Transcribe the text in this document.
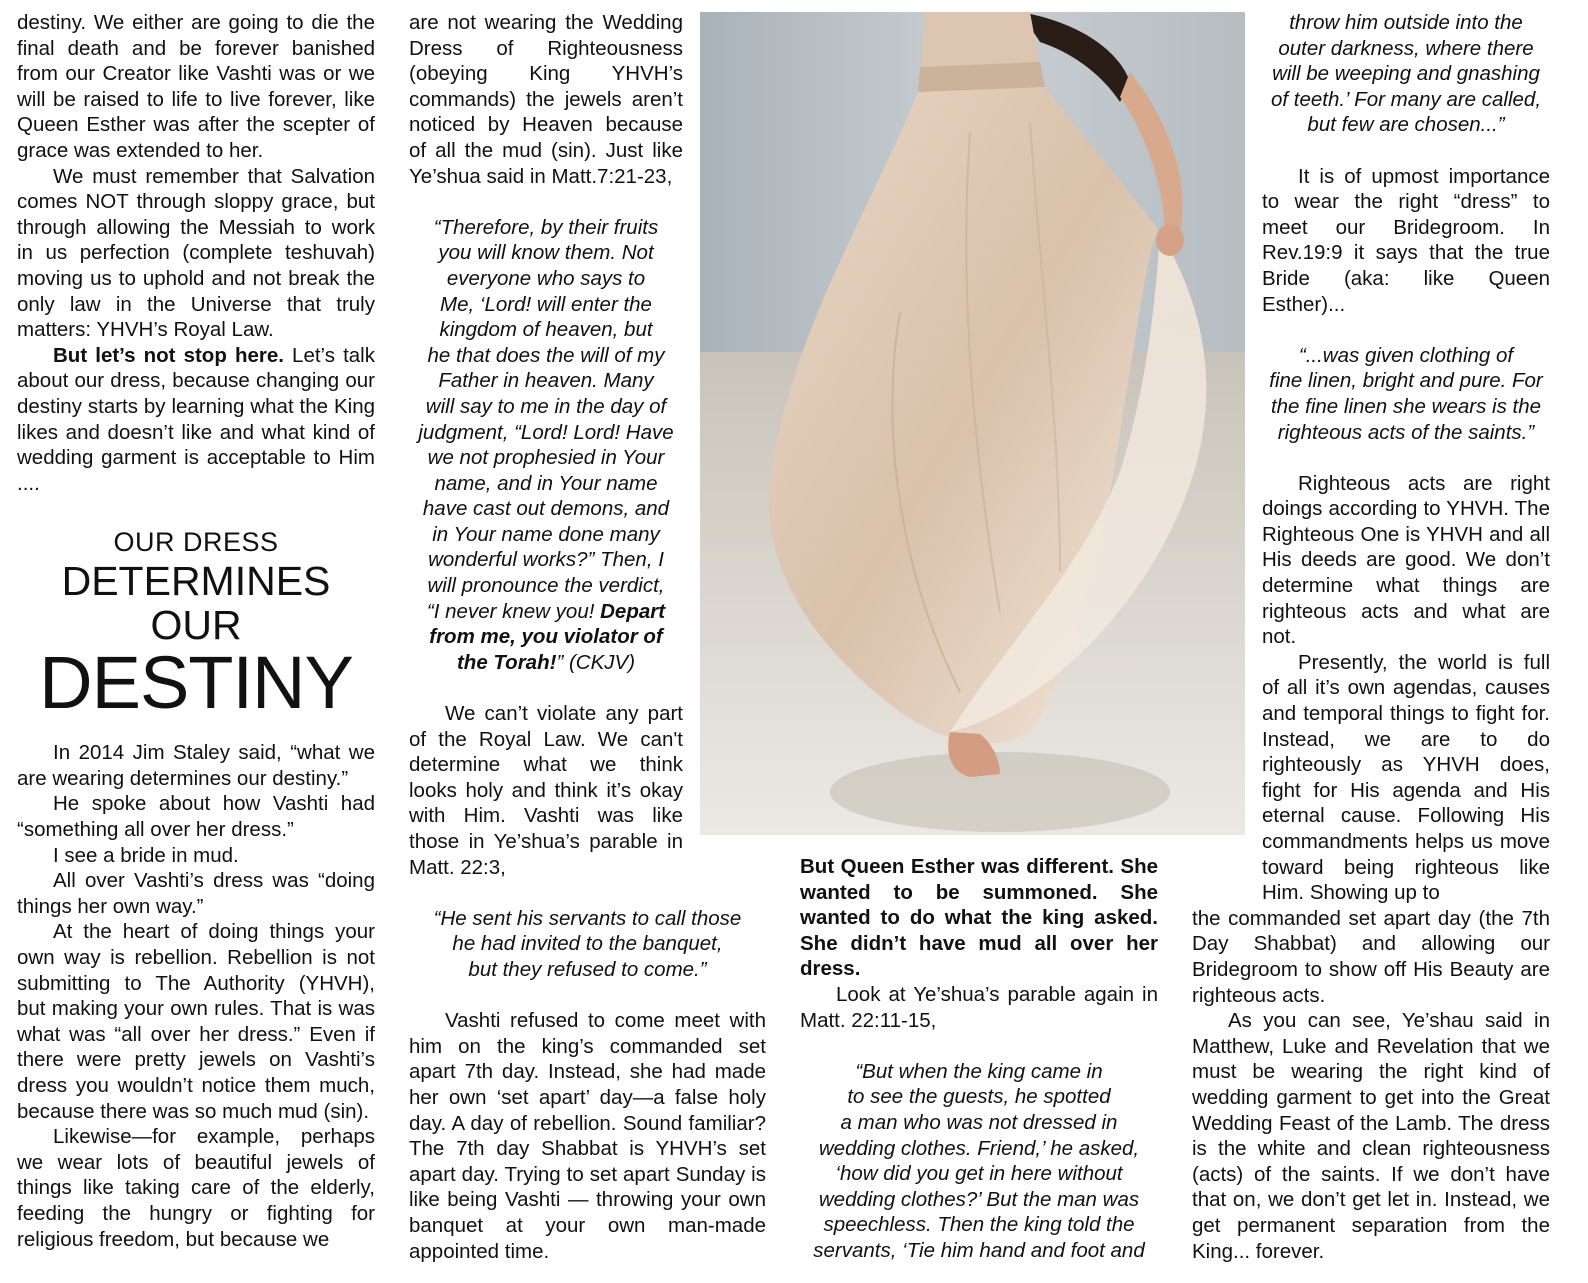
destiny. We either are going to die the final death and be forever banished from our Creator like Vashti was or we will be raised to life to live forever, like Queen Esther was after the scepter of grace was extended to her.

We must remember that Salvation comes NOT through sloppy grace, but through allowing the Messiah to work in us perfection (complete teshuvah) moving us to uphold and not break the only law in the Universe that truly matters: YHVH’s Royal Law.

But let’s not stop here. Let’s talk about our dress, because changing our destiny starts by learning what the King likes and doesn’t like and what kind of wedding garment is acceptable to Him ....

OUR DRESS
DETERMINES
OUR
DESTINY

In 2014 Jim Staley said, “what we are wearing determines our destiny.”

He spoke about how Vashti had “something all over her dress.”

I see a bride in mud.

All over Vashti’s dress was “doing things her own way.”

At the heart of doing things your own way is rebellion. Rebellion is not submitting to The Authority (YHVH), but making your own rules. That is was what was “all over her dress.” Even if there were pretty jewels on Vashti’s dress you wouldn’t notice them much, because there was so much mud (sin).

Likewise—for example, perhaps we wear lots of beautiful jewels of things like taking care of the elderly, feeding the hungry or fighting for religious freedom, but because we

are not wearing the Wedding Dress of Righteousness (obeying King YHVH’s commands) the jewels aren’t noticed by Heaven because of all the mud (sin). Just like Ye’shua said in Matt.7:21-23,

“Therefore, by their fruits

you will know them. Not

everyone who says to

Me, ‘Lord! will enter the

kingdom of heaven, but

he that does the will of my

Father in heaven. Many

will say to me in the day of

judgment, “Lord! Lord! Have

we not prophesied in Your

name, and in Your name

have cast out demons, and

in Your name done many

wonderful works?” Then, I

will pronounce the verdict,

“I never knew you! Depart

from me, you violator of

the Torah!” (CKJV)

We can’t violate any part of the Royal Law. We can't determine what we think looks holy and think it’s okay with Him. Vashti was like those in Ye’shua’s parable in Matt. 22:3,

“He sent his servants to call those

he had invited to the banquet,

but they refused to come.”

Vashti refused to come meet with him on the king’s commanded set apart 7th day. Instead, she had made her own ‘set apart’ day—a false holy day. A day of rebellion. Sound familiar? The 7th day Shabbat is YHVH’s set apart day. Trying to set apart Sunday is like being Vashti — throwing your own banquet at your own man-made appointed time.

But Queen Esther was different. She wanted to be summoned. She wanted to do what the king asked. She didn’t have mud all over her dress.

Look at Ye’shua’s parable again in Matt. 22:11-15,

“But when the king came in

to see the guests, he spotted

a man who was not dressed in

wedding clothes. Friend,’ he asked,

‘how did you get in here without

wedding clothes?’ But the man was

speechless. Then the king told the

servants, ‘Tie him hand and foot and

throw him outside into the

outer darkness, where there

will be weeping and gnashing

of teeth.’ For many are called,

but few are chosen...”

It is of upmost importance to wear the right “dress” to meet our Bridegroom. In Rev.19:9 it says that the true Bride (aka: like Queen Esther)...

“...was given clothing of

fine linen, bright and pure. For

the fine linen she wears is the

righteous acts of the saints.”

Righteous acts are right doings according to YHVH. The Righteous One is YHVH and all His deeds are good. We don’t determine what things are righteous acts and what are not.

Presently, the world is full of all it’s own agendas, causes and temporal things to fight for. Instead, we are to do righteously as YHVH does, fight for His agenda and His eternal cause. Following His commandments helps us move toward being righteous like Him. Showing up to

the commanded set apart day (the 7th Day Shabbat) and allowing our Bridegroom to show off His Beauty are righteous acts.

As you can see, Ye’shau said in Matthew, Luke and Revelation that we must be wearing the right kind of wedding garment to get into the Great Wedding Feast of the Lamb. The dress is the white and clean righteousness (acts) of the saints. If we don’t have that on, we don’t get let in. Instead, we get permanent separation from the King... forever.
